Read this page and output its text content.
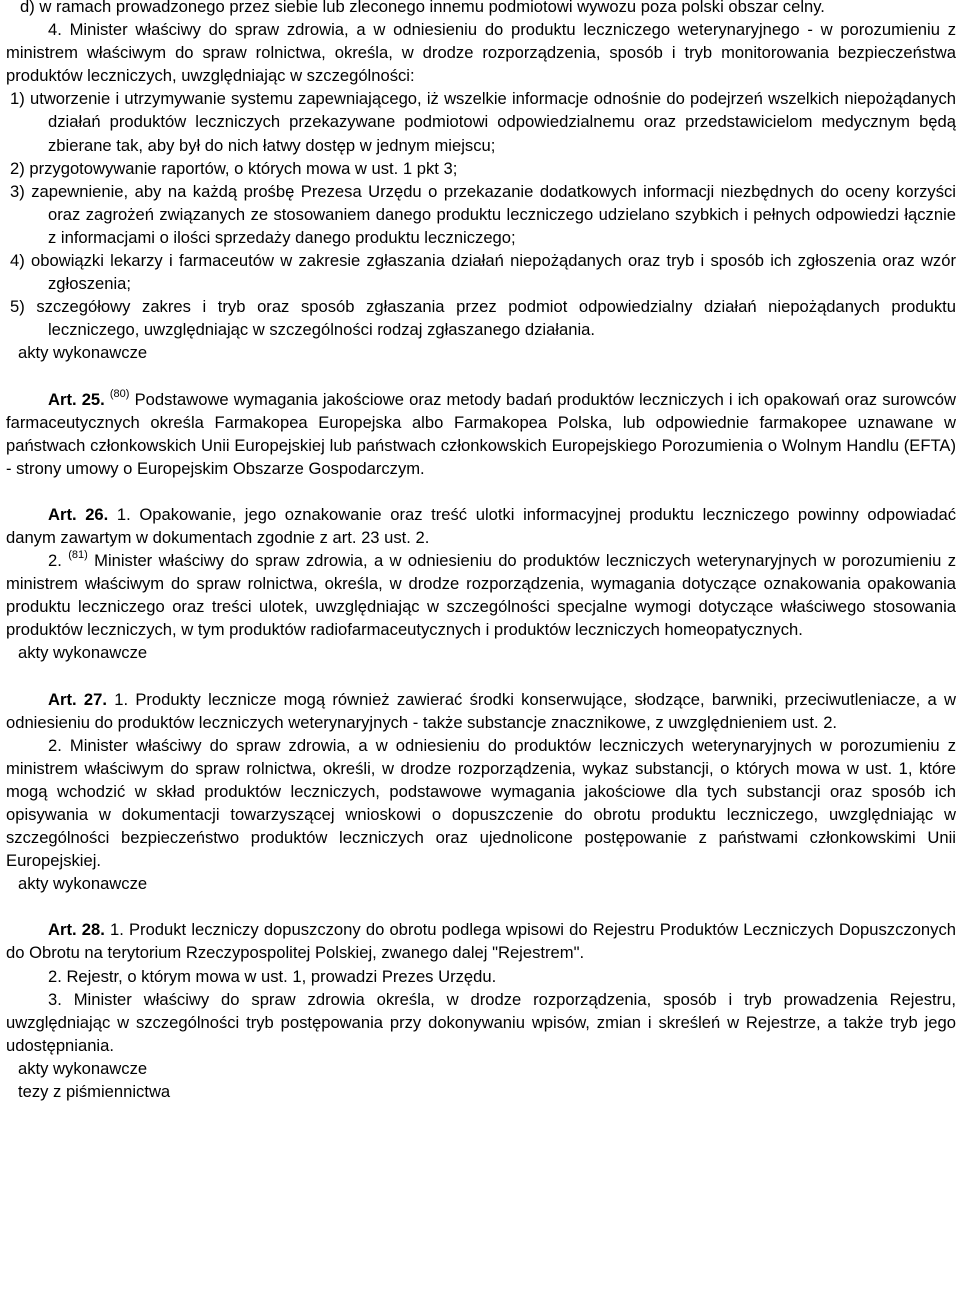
d) w ramach prowadzonego przez siebie lub zleconego innemu podmiotowi wywozu poza polski obszar celny.

4. Minister właściwy do spraw zdrowia, a w odniesieniu do produktu leczniczego weterynaryjnego - w porozumieniu z ministrem właściwym do spraw rolnictwa, określa, w drodze rozporządzenia, sposób i tryb monitorowania bezpieczeństwa produktów leczniczych, uwzględniając w szczególności:

1) utworzenie i utrzymywanie systemu zapewniającego, iż wszelkie informacje odnośnie do podejrzeń wszelkich niepożądanych działań produktów leczniczych przekazywane podmiotowi odpowiedzialnemu oraz przedstawicielom medycznym będą zbierane tak, aby był do nich łatwy dostęp w jednym miejscu;

2) przygotowywanie raportów, o których mowa w ust. 1 pkt 3;

3) zapewnienie, aby na każdą prośbę Prezesa Urzędu o przekazanie dodatkowych informacji niezbędnych do oceny korzyści oraz zagrożeń związanych ze stosowaniem danego produktu leczniczego udzielano szybkich i pełnych odpowiedzi łącznie z informacjami o ilości sprzedaży danego produktu leczniczego;

4) obowiązki lekarzy i farmaceutów w zakresie zgłaszania działań niepożądanych oraz tryb i sposób ich zgłoszenia oraz wzór zgłoszenia;

5) szczegółowy zakres i tryb oraz sposób zgłaszania przez podmiot odpowiedzialny działań niepożądanych produktu leczniczego, uwzględniając w szczególności rodzaj zgłaszanego działania.

akty wykonawcze

Art. 25. $^{(80)}$ Podstawowe wymagania jakościowe oraz metody badań produktów leczniczych i ich opakowań oraz surowców farmaceutycznych określa Farmakopea Europejska albo Farmakopea Polska, lub odpowiednie farmakopee uznawane w państwach członkowskich Unii Europejskiej lub państwach członkowskich Europejskiego Porozumienia o Wolnym Handlu (EFTA) - strony umowy o Europejskim Obszarze Gospodarczym.

Art. 26. 1. Opakowanie, jego oznakowanie oraz treść ulotki informacyjnej produktu leczniczego powinny odpowiadać danym zawartym w dokumentach zgodnie z art. 23 ust. 2.

2. $^{(81)}$ Minister właściwy do spraw zdrowia, a w odniesieniu do produktów leczniczych weterynaryjnych w porozumieniu z ministrem właściwym do spraw rolnictwa, określa, w drodze rozporządzenia, wymagania dotyczące oznakowania opakowania produktu leczniczego oraz treści ulotek, uwzględniając w szczególności specjalne wymogi dotyczące właściwego stosowania produktów leczniczych, w tym produktów radiofarmaceutycznych i produktów leczniczych homeopatycznych.

akty wykonawcze

Art. 27. 1. Produkty lecznicze mogą również zawierać środki konserwujące, słodzące, barwniki, przeciwutleniacze, a w odniesieniu do produktów leczniczych weterynaryjnych - także substancje znacznikowe, z uwzględnieniem ust. 2.

2. Minister właściwy do spraw zdrowia, a w odniesieniu do produktów leczniczych weterynaryjnych w porozumieniu z ministrem właściwym do spraw rolnictwa, określi, w drodze rozporządzenia, wykaz substancji, o których mowa w ust. 1, które mogą wchodzić w skład produktów leczniczych, podstawowe wymagania jakościowe dla tych substancji oraz sposób ich opisywania w dokumentacji towarzyszącej wnioskowi o dopuszczenie do obrotu produktu leczniczego, uwzględniając w szczególności bezpieczeństwo produktów leczniczych oraz ujednolicone postępowanie z państwami członkowskimi Unii Europejskiej.

akty wykonawcze

Art. 28. 1. Produkt leczniczy dopuszczony do obrotu podlega wpisowi do Rejestru Produktów Leczniczych Dopuszczonych do Obrotu na terytorium Rzeczypospolitej Polskiej, zwanego dalej "Rejestrem".

2. Rejestr, o którym mowa w ust. 1, prowadzi Prezes Urzędu.

3. Minister właściwy do spraw zdrowia określa, w drodze rozporządzenia, sposób i tryb prowadzenia Rejestru, uwzględniając w szczególności tryb postępowania przy dokonywaniu wpisów, zmian i skreśleń w Rejestrze, a także tryb jego udostępniania.

akty wykonawcze

tezy z piśmiennictwa
